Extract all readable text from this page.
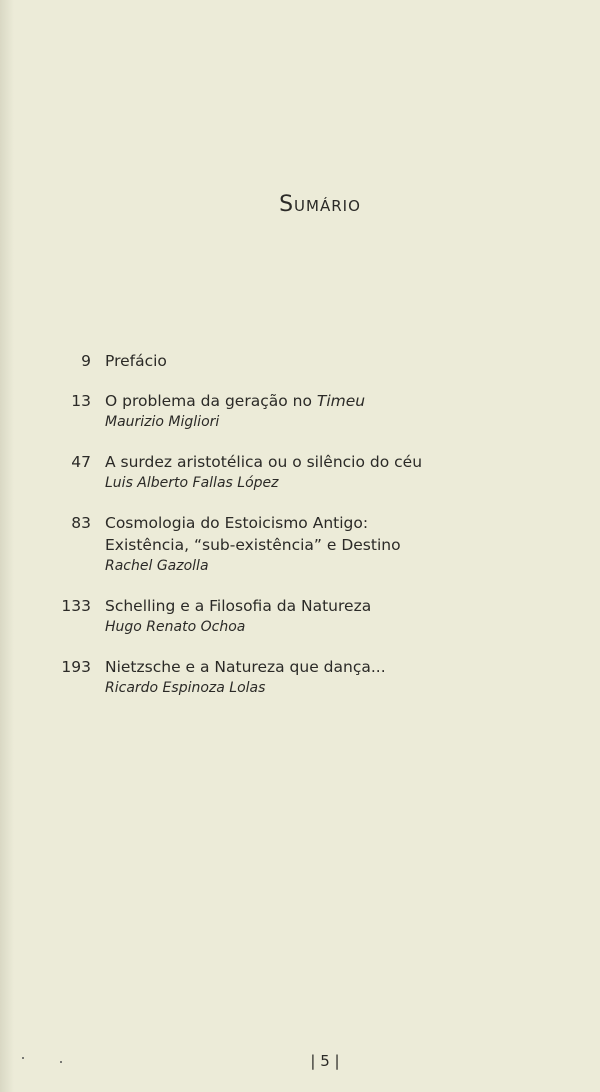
Sumário
9 Prefácio
13 O problema da geração no Timeu
Maurizio Migliori
47 A surdez aristotélica ou o silêncio do céu
Luis Alberto Fallas López
83 Cosmologia do Estoicismo Antigo:
Existência, “sub-existência” e Destino
Rachel Gazolla
133 Schelling e a Filosofia da Natureza
Hugo Renato Ochoa
193 Nietzsche e a Natureza que dança...
Ricardo Espinoza Lolas
| 5 |
